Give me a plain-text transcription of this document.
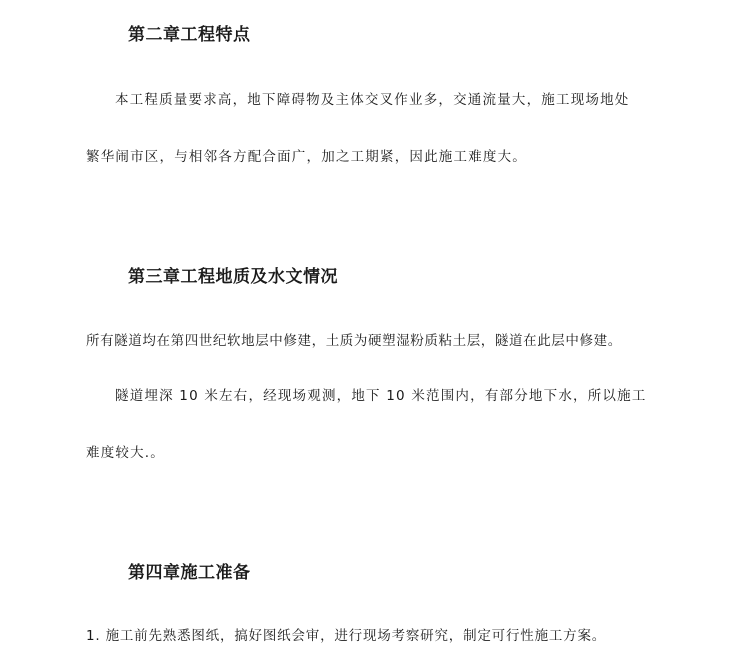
第二章工程特点

本工程质量要求高，地下障碍物及主体交叉作业多，交通流量大，施工现场地处

繁华闹市区，与相邻各方配合面广，加之工期紧，因此施工难度大。

第三章工程地质及水文情况

所有隧道均在第四世纪软地层中修建，土质为硬塑湿粉质粘土层，隧道在此层中修建。

隧道埋深 10 米左右，经现场观测，地下 10 米范围内，有部分地下水，所以施工

难度较大.。

第四章施工准备

1. 施工前先熟悉图纸，搞好图纸会审，进行现场考察研究，制定可行性施工方案。
